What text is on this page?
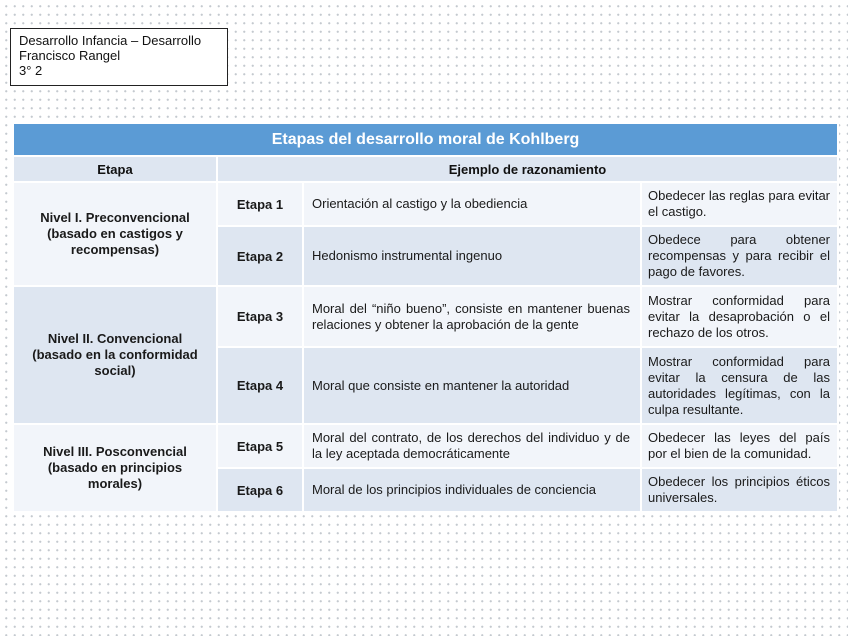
Desarrollo Infancia – Desarrollo
Francisco Rangel
3° 2
Etapas del desarrollo moral de Kohlberg			
Etapa	Ejemplo de razonamiento		
Nivel I. Preconvencional (basado en castigos y recompensas)	Etapa 1	Orientación al castigo y la obediencia	Obedecer las reglas para evitar el castigo.
	Etapa 2	Hedonismo instrumental ingenuo	Obedece para obtener recompensas y para recibir el pago de favores.
Nivel II. Convencional (basado en la conformidad social)	Etapa 3	Moral del “niño bueno”, consiste en mantener buenas relaciones y obtener la aprobación de la gente	Mostrar conformidad para evitar la desaprobación o el rechazo de los otros.
	Etapa 4	Moral que consiste en mantener la autoridad	Mostrar conformidad para evitar la censura de las autoridades legítimas, con la culpa resultante.
Nivel III. Posconvencial (basado en principios morales)	Etapa 5	Moral del contrato, de los derechos del individuo y de la ley aceptada democráticamente	Obedecer las leyes del país por el bien de la comunidad.
	Etapa 6	Moral de los principios individuales de conciencia	Obedecer los principios éticos universales.
